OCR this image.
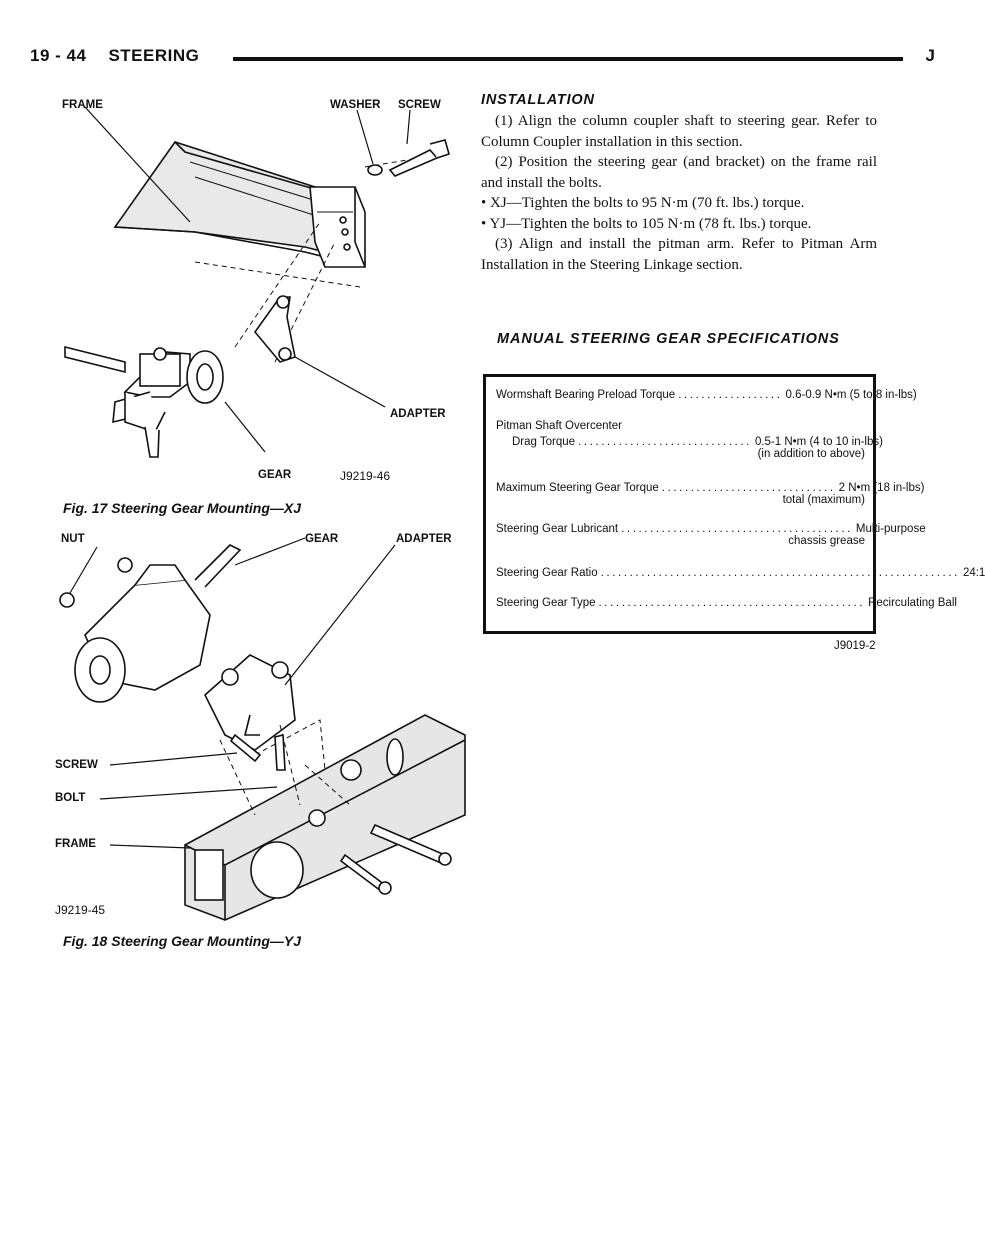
19 - 44 STEERING	J
FRAME	WASHER SCREW
ADAPTER
GEAR	J9219-46
Fig. 17 Steering Gear Mounting—XJ
NUT	GEAR	ADAPTER
SCREW
BOLT
FRAME
J9219-45
Fig. 18 Steering Gear Mounting—YJ
INSTALLATION

(1) Align the column coupler shaft to steering gear. Refer to Column Coupler installation in this section.

(2) Position the steering gear (and bracket) on the frame rail and install the bolts.

• XJ—Tighten the bolts to 95 N·m (70 ft. lbs.) torque.

• YJ—Tighten the bolts to 105 N·m (78 ft. lbs.) torque.

(3) Align and install the pitman arm. Refer to Pitman Arm Installation in the Steering Linkage section.

MANUAL STEERING GEAR SPECIFICATIONS
Wormshaft Bearing Preload Torque .................. 0.6-0.9 N•m (5 to 8 in-lbs)
Pitman Shaft Overcenter
Drag Torque .............................. 0.5-1 N•m (4 to 10 in-lbs)
(in addition to above)
Maximum Steering Gear Torque .............................. 2 N•m (18 in-lbs)
total (maximum)
Steering Gear Lubricant ........................................ Multi-purpose
chassis grease
Steering Gear Ratio .............................................................. 24:1
Steering Gear Type .............................................. Recirculating Ball
J9019-2
